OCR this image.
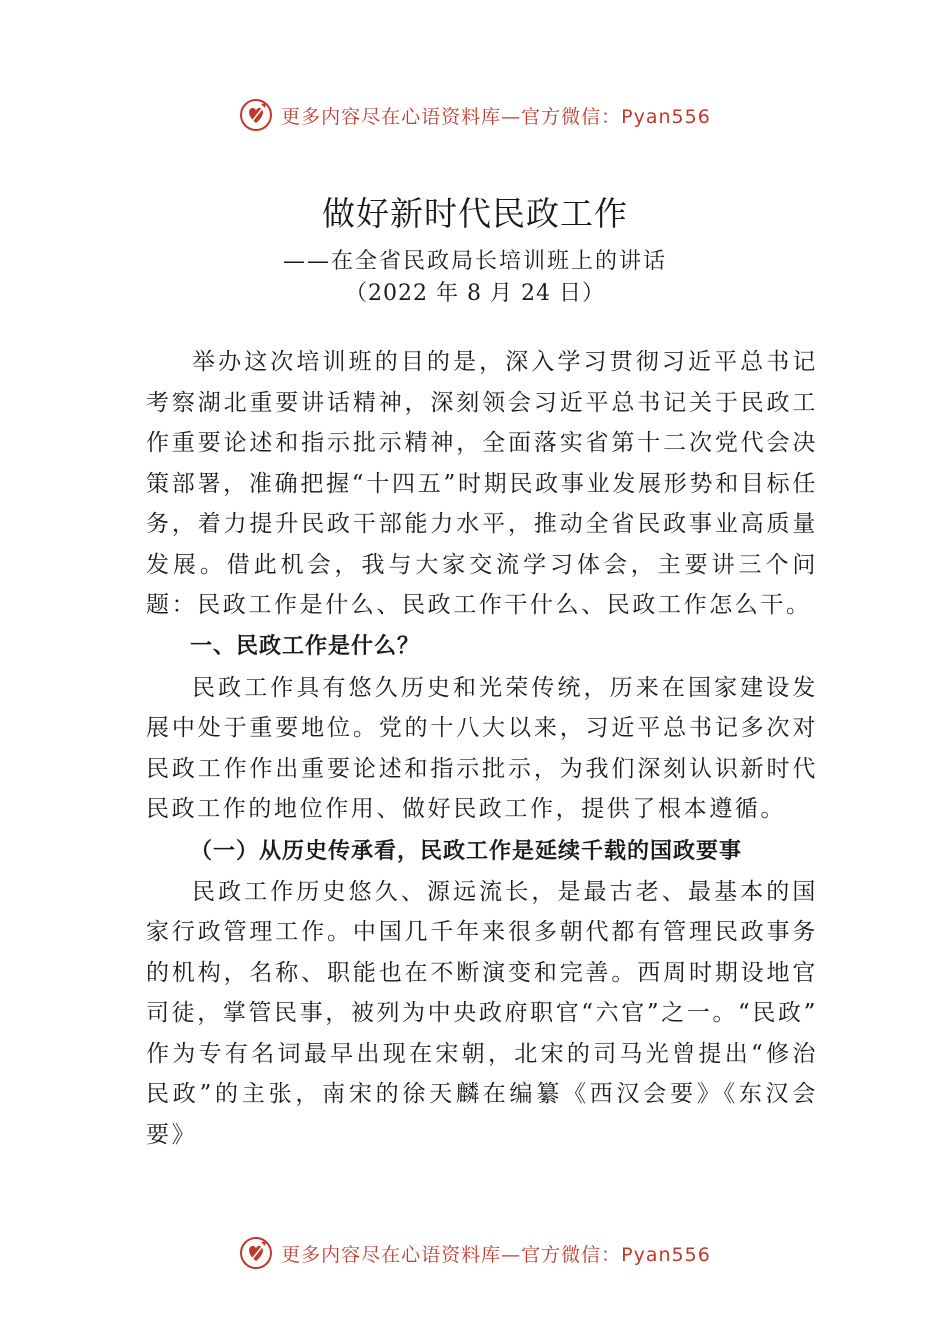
更多内容尽在心语资料库—官方微信：Pyan556
做好新时代民政工作
——在全省民政局长培训班上的讲话
（2022 年 8 月 24 日）

举办这次培训班的目的是，深入学习贯彻习近平总书记考察湖北重要讲话精神，深刻领会习近平总书记关于民政工作重要论述和指示批示精神，全面落实省第十二次党代会决策部署，准确把握“十四五”时期民政事业发展形势和目标任务，着力提升民政干部能力水平，推动全省民政事业高质量发展。借此机会，我与大家交流学习体会，主要讲三个问题：民政工作是什么、民政工作干什么、民政工作怎么干。

一、民政工作是什么？

民政工作具有悠久历史和光荣传统，历来在国家建设发展中处于重要地位。党的十八大以来，习近平总书记多次对民政工作作出重要论述和指示批示，为我们深刻认识新时代民政工作的地位作用、做好民政工作，提供了根本遵循。

（一）从历史传承看，民政工作是延续千载的国政要事

民政工作历史悠久、源远流长，是最古老、最基本的国家行政管理工作。中国几千年来很多朝代都有管理民政事务的机构，名称、职能也在不断演变和完善。西周时期设地官司徒，掌管民事，被列为中央政府职官“六官”之一。“民政” 作为专有名词最早出现在宋朝，北宋的司马光曾提出“修治民政”的主张，南宋的徐天麟在编纂《西汉会要》《东汉会要》

更多内容尽在心语资料库—官方微信：Pyan556
